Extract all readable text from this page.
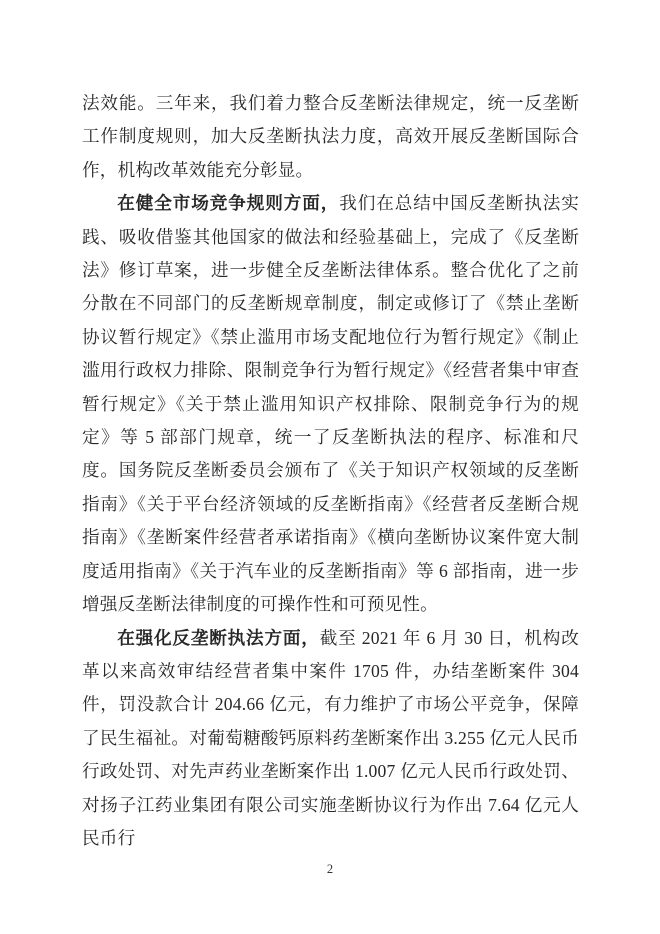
法效能。三年来，我们着力整合反垄断法律规定，统一反垄断工作制度规则，加大反垄断执法力度，高效开展反垄断国际合作，机构改革效能充分彰显。

在健全市场竞争规则方面，我们在总结中国反垄断执法实践、吸收借鉴其他国家的做法和经验基础上，完成了《反垄断法》修订草案，进一步健全反垄断法律体系。整合优化了之前分散在不同部门的反垄断规章制度，制定或修订了《禁止垄断协议暂行规定》《禁止滥用市场支配地位行为暂行规定》《制止滥用行政权力排除、限制竞争行为暂行规定》《经营者集中审查暂行规定》《关于禁止滥用知识产权排除、限制竞争行为的规定》等 5 部部门规章，统一了反垄断执法的程序、标准和尺度。国务院反垄断委员会颁布了《关于知识产权领域的反垄断指南》《关于平台经济领域的反垄断指南》《经营者反垄断合规指南》《垄断案件经营者承诺指南》《横向垄断协议案件宽大制度适用指南》《关于汽车业的反垄断指南》等 6 部指南，进一步增强反垄断法律制度的可操作性和可预见性。

在强化反垄断执法方面，截至 2021 年 6 月 30 日，机构改革以来高效审结经营者集中案件 1705 件，办结垄断案件 304 件，罚没款合计 204.66 亿元，有力维护了市场公平竞争，保障了民生福祉。对葡萄糖酸钙原料药垄断案作出 3.255 亿元人民币行政处罚、对先声药业垄断案作出 1.007 亿元人民币行政处罚、对扬子江药业集团有限公司实施垄断协议行为作出 7.64 亿元人民币行

2
